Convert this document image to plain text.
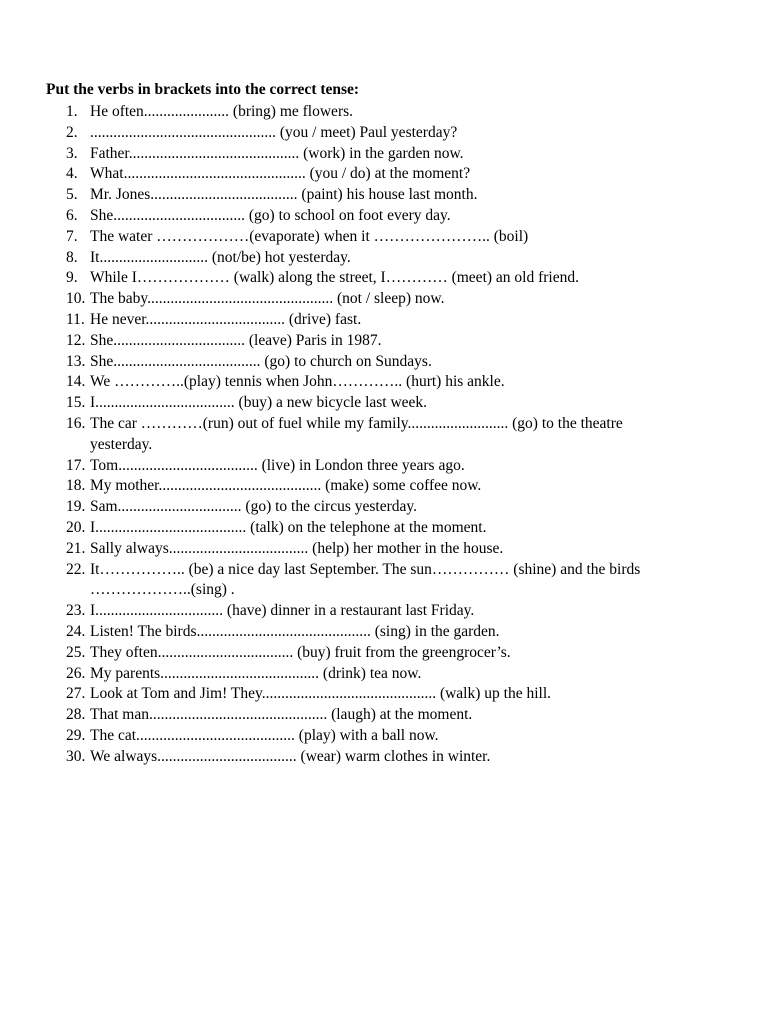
Put the verbs in brackets into the correct tense:
1. He often...................... (bring) me flowers.
2. ................................................ (you / meet) Paul yesterday?
3. Father............................................ (work) in the garden now.
4. What............................................... (you / do) at the moment?
5. Mr. Jones...................................... (paint) his house last month.
6. She.................................. (go) to school on foot every day.
7. The water ………………(evaporate) when it ………………….. (boil)
8. It............................ (not/be) hot yesterday.
9. While I……………… (walk) along the street, I………… (meet) an old friend.
10. The baby................................................ (not / sleep) now.
11. He never.................................... (drive) fast.
12. She.................................. (leave) Paris in 1987.
13. She...................................... (go) to church on Sundays.
14. We …………..(play) tennis when John………….. (hurt) his ankle.
15. I.................................... (buy) a new bicycle last week.
16. The car …………(run) out of fuel while my family.......................... (go) to the theatre
yesterday.
17. Tom.................................... (live) in London three years ago.
18. My mother.......................................... (make) some coffee now.
19. Sam................................ (go) to the circus yesterday.
20. I....................................... (talk) on the telephone at the moment.
21. Sally always.................................... (help) her mother in the house.
22. It…………….. (be) a nice day last September. The sun…………… (shine) and the birds
………………..(sing) .
23. I................................. (have) dinner in a restaurant last Friday.
24. Listen! The birds............................................. (sing) in the garden.
25. They often................................... (buy) fruit from the greengrocer’s.
26. My parents......................................... (drink) tea now.
27. Look at Tom and Jim! They............................................. (walk) up the hill.
28. That man.............................................. (laugh) at the moment.
29. The cat......................................... (play) with a ball now.
30. We always.................................... (wear) warm clothes in winter.
